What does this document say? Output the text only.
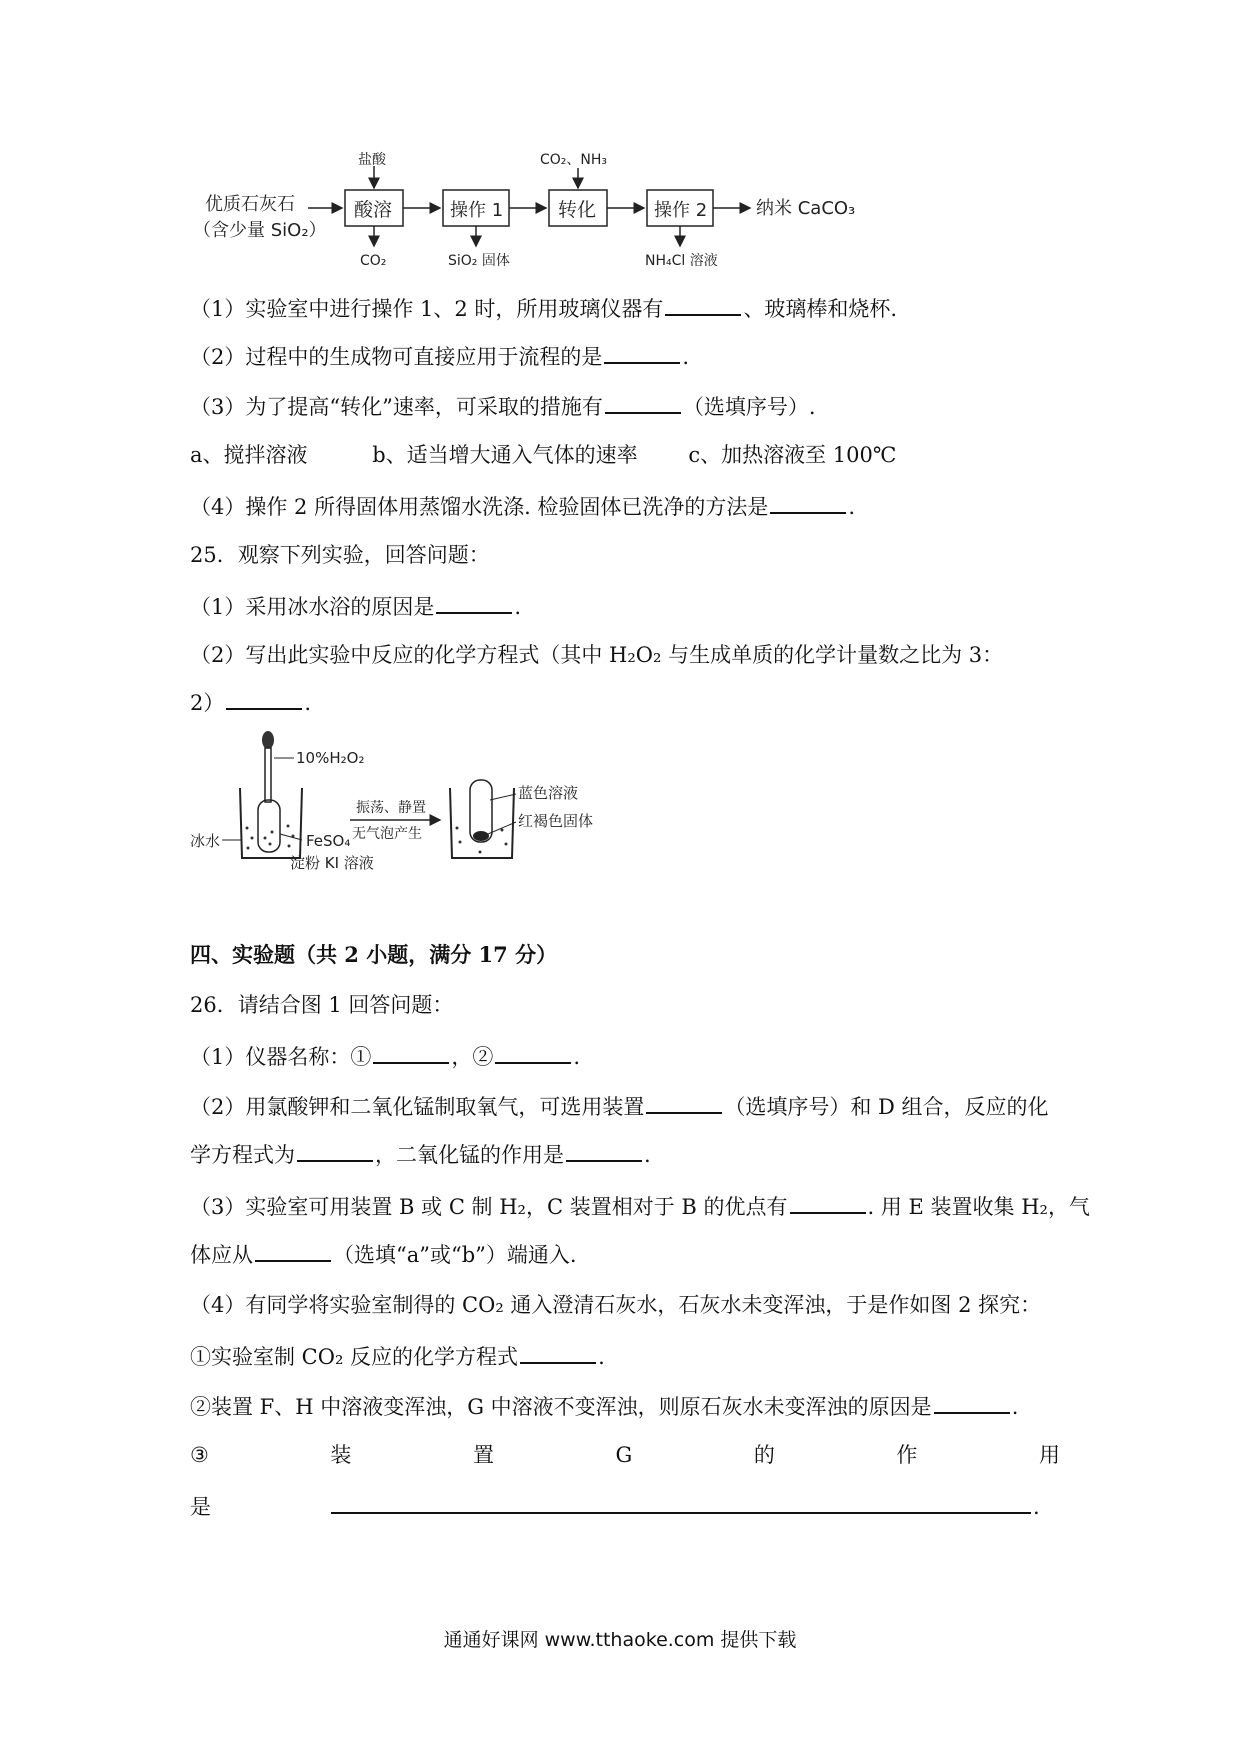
优质石灰石
（含少量 SiO₂）
酸溶
盐酸
CO₂
操作 1
SiO₂ 固体
转化
CO₂、NH₃
操作 2
NH₄Cl 溶液
纳米 CaCO₃
（1）实验室中进行操作 1、2 时，所用玻璃仪器有	、玻璃棒和烧杯.
（2）过程中的生成物可直接应用于流程的是	.
（3）为了提高“转化”速率，可采取的措施有	（选填序号）.
a、搅拌溶液	b、适当增大通入气体的速率 c、加热溶液至 100℃
（4）操作 2 所得固体用蒸馏水洗涤. 检验固体已洗净的方法是	.
25．观察下列实验，回答问题：
（1）采用冰水浴的原因是	.
（2）写出此实验中反应的化学方程式（其中 H₂O₂ 与生成单质的化学计量数之比为 3：
2）	.
10%H₂O₂
冰水	FeSO₄
淀粉 KI 溶液
振荡、静置
无气泡产生
蓝色溶液
红褐色固体
四、实验题（共 2 小题，满分 17 分）
26．请结合图 1 回答问题：
（1）仪器名称：①	，②	.
（2）用氯酸钾和二氧化锰制取氧气，可选用装置	（选填序号）和 D 组合，反应的化
学方程式为	，二氧化锰的作用是	.
（3）实验室可用装置 B 或 C 制 H₂，C 装置相对于 B 的优点有	. 用 E 装置收集 H₂，气
体应从	（选填“a”或“b”）端通入.
（4）有同学将实验室制得的 CO₂ 通入澄清石灰水，石灰水未变浑浊，于是作如图 2 探究：
①实验室制 CO₂ 反应的化学方程式	.
②装置 F、H 中溶液变浑浊，G 中溶液不变浑浊，则原石灰水未变浑浊的原因是	.
③	装	置	G	的	作	用
是	.
通通好课网 www.tthaoke.com 提供下载
